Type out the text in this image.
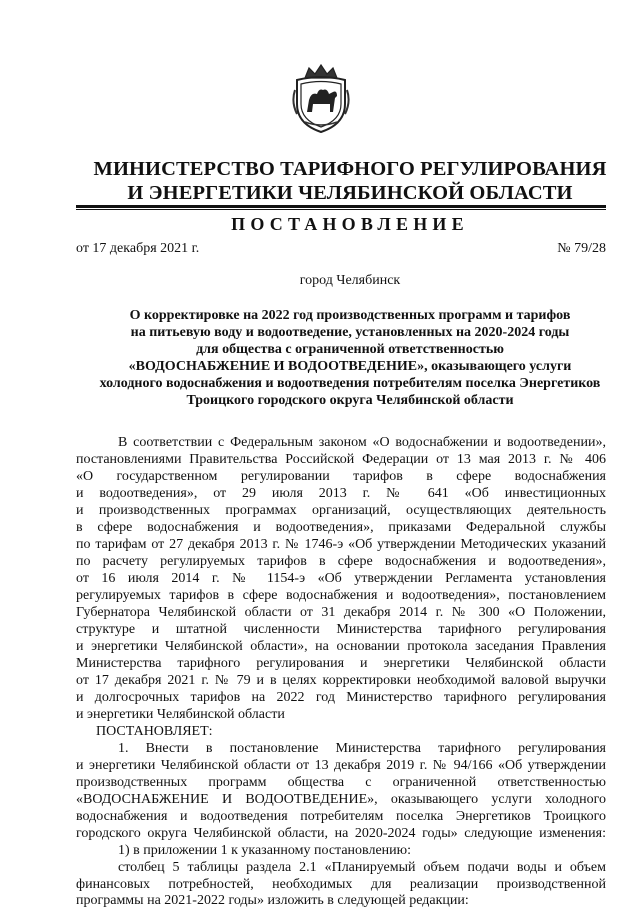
МИНИСТЕРСТВО ТАРИФНОГО РЕГУЛИРОВАНИЯ
И ЭНЕРГЕТИКИ ЧЕЛЯБИНСКОЙ ОБЛАСТИ
ПОСТАНОВЛЕНИЕ
от 17 декабря 2021 г.	№ 79/28
город Челябинск
О корректировке на 2022 год производственных программ и тарифов
на питьевую воду и водоотведение, установленных на 2020-2024 годы
для общества с ограниченной ответственностью
«ВОДОСНАБЖЕНИЕ И ВОДООТВЕДЕНИЕ», оказывающего услуги
холодного водоснабжения и водоотведения потребителям поселка Энергетиков
Троицкого городского округа Челябинской области
В соответствии с Федеральным законом «О водоснабжении и водоотведении»,
постановлениями Правительства Российской Федерации от 13 мая 2013 г. № 406
«О государственном регулировании тарифов в сфере водоснабжения
и водоотведения», от 29 июля 2013 г. № 641 «Об инвестиционных
и производственных программах организаций, осуществляющих деятельность
в сфере водоснабжения и водоотведения», приказами Федеральной службы
по тарифам от 27 декабря 2013 г. № 1746-э «Об утверждении Методических указаний
по расчету регулируемых тарифов в сфере водоснабжения и водоотведения»,
от 16 июля 2014 г. № 1154-э «Об утверждении Регламента установления
регулируемых тарифов в сфере водоснабжения и водоотведения», постановлением
Губернатора Челябинской области от 31 декабря 2014 г. № 300 «О Положении,
структуре и штатной численности Министерства тарифного регулирования
и энергетики Челябинской области», на основании протокола заседания Правления
Министерства тарифного регулирования и энергетики Челябинской области
от 17 декабря 2021 г. № 79 и в целях корректировки необходимой валовой выручки
и долгосрочных тарифов на 2022 год Министерство тарифного регулирования
и энергетики Челябинской области
ПОСТАНОВЛЯЕТ:
1. Внести в постановление Министерства тарифного регулирования
и энергетики Челябинской области от 13 декабря 2019 г. № 94/166 «Об утверждении
производственных программ общества с ограниченной ответственностью
«ВОДОСНАБЖЕНИЕ И ВОДООТВЕДЕНИЕ», оказывающего услуги холодного
водоснабжения и водоотведения потребителям поселка Энергетиков Троицкого
городского округа Челябинской области, на 2020-2024 годы» следующие изменения:
1) в приложении 1 к указанному постановлению:
столбец 5 таблицы раздела 2.1 «Планируемый объем подачи воды и объем
финансовых потребностей, необходимых для реализации производственной
программы на 2021-2022 годы» изложить в следующей редакции:
